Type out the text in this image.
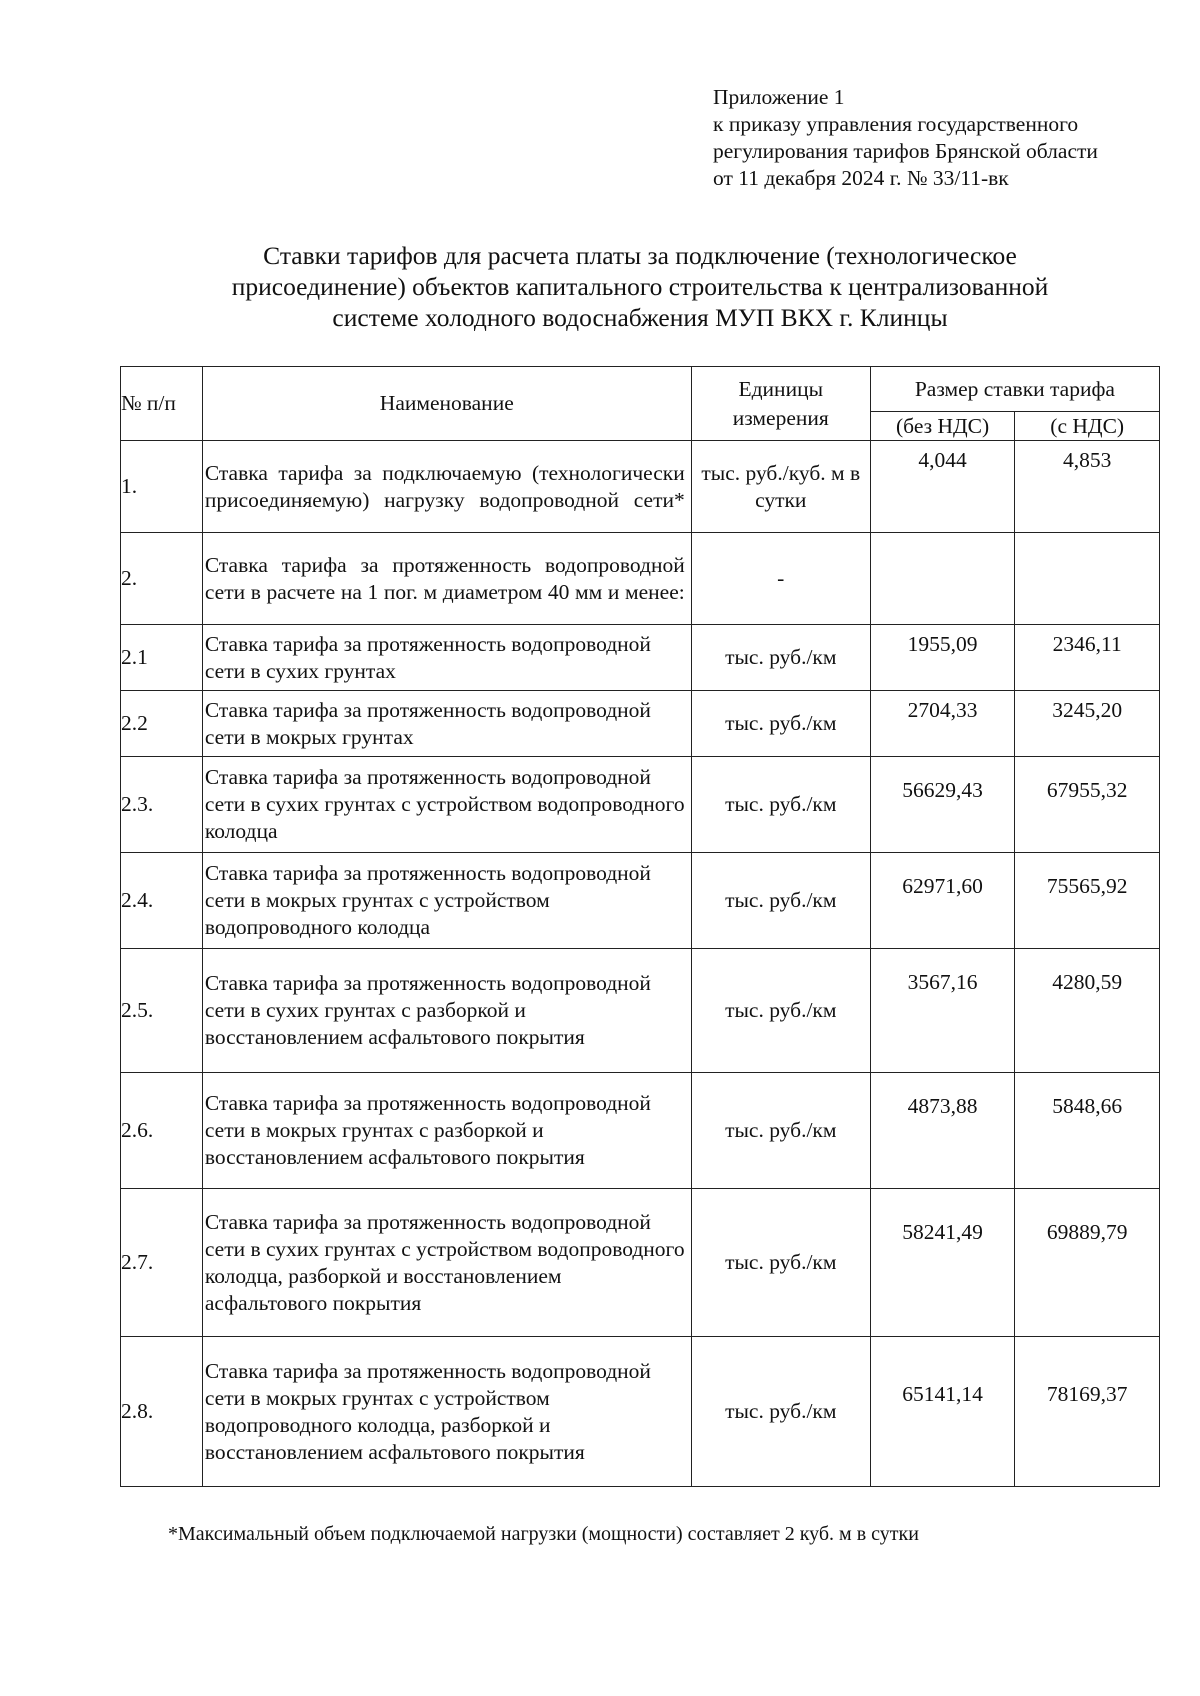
Приложение 1
к приказу управления государственного
регулирования тарифов Брянской области
от 11 декабря 2024 г. № 33/11-вк
Ставки тарифов для расчета платы за подключение (технологическое
присоединение) объектов капитального строительства к централизованной
системе холодного водоснабжения МУП ВКХ г. Клинцы
№ п/п	Наименование	Единицы измерения	Размер ставки тарифа	
			(без НДС)	(с НДС)
1.	Ставка тарифа за подключаемую (технологически присоединяемую) нагрузку водопроводной сети*	тыс. руб./куб. м в сутки	4,044	4,853
2.	Ставка тарифа за протяженность водопроводной сети в расчете на 1 пог. м диаметром 40 мм и менее:	-		
2.1	Ставка тарифа за протяженность водопроводной сети в сухих грунтах	тыс. руб./км	1955,09	2346,11
2.2	Ставка тарифа за протяженность водопроводной сети в мокрых грунтах	тыс. руб./км	2704,33	3245,20
2.3.	Ставка тарифа за протяженность водопроводной сети в сухих грунтах с устройством водопроводного колодца	тыс. руб./км	56629,43	67955,32
2.4.	Ставка тарифа за протяженность водопроводной сети в мокрых грунтах с устройством водопроводного колодца	тыс. руб./км	62971,60	75565,92
2.5.	Ставка тарифа за протяженность водопроводной сети в сухих грунтах с разборкой и восстановлением асфальтового покрытия	тыс. руб./км	3567,16	4280,59
2.6.	Ставка тарифа за протяженность водопроводной сети в мокрых грунтах с разборкой и восстановлением асфальтового покрытия	тыс. руб./км	4873,88	5848,66
2.7.	Ставка тарифа за протяженность водопроводной сети в сухих грунтах с устройством водопроводного колодца, разборкой и восстановлением асфальтового покрытия	тыс. руб./км	58241,49	69889,79
2.8.	Ставка тарифа за протяженность водопроводной сети в мокрых грунтах с устройством водопроводного колодца, разборкой и восстановлением асфальтового покрытия	тыс. руб./км	65141,14	78169,37
*Максимальный объем подключаемой нагрузки (мощности) составляет 2 куб. м в сутки
